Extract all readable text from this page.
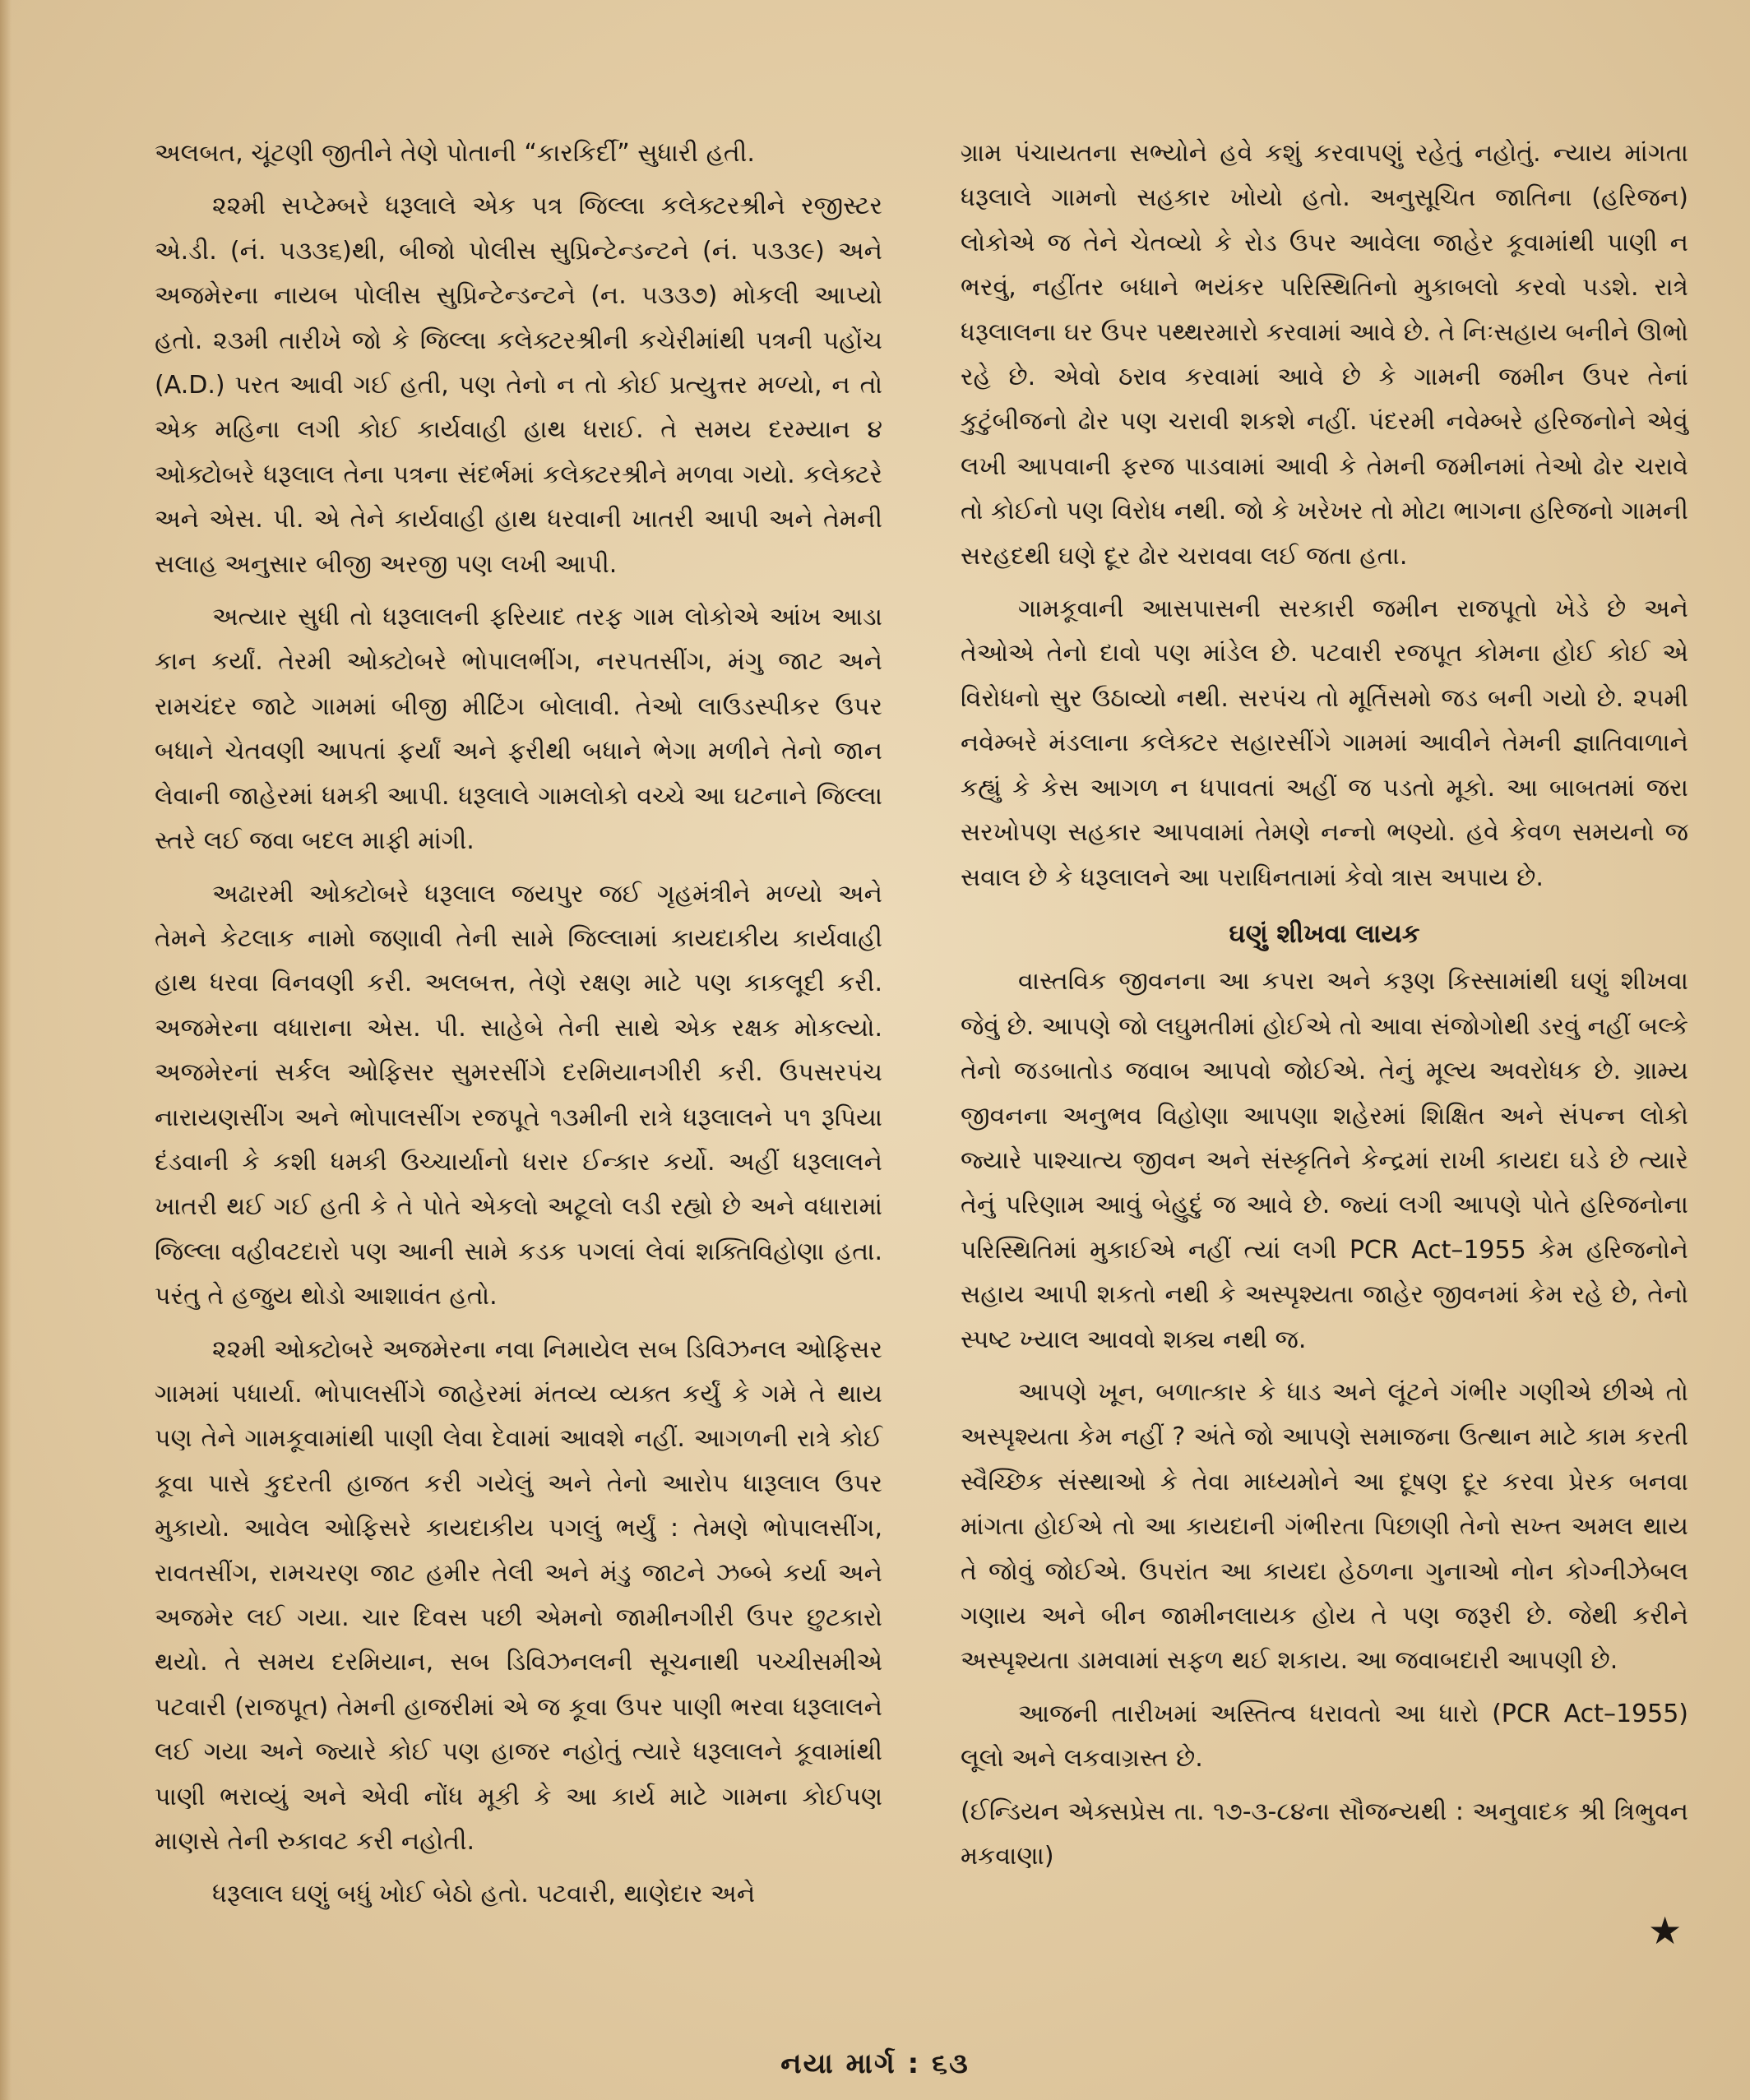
અલબત, ચૂંટણી જીતીને તેણે પોતાની “કારકિર્દી” સુધારી હતી.

૨૨મી સપ્ટેમ્બરે ધરૂલાલે એક પત્ર જિલ્લા કલેક્ટરશ્રીને રજીસ્ટર એ.ડી. (નં. ૫૩૩૬)થી, બીજો પોલીસ સુપ્રિન્ટેન્ડન્ટને (નં. ૫૩૩૯) અને અજમેરના નાયબ પોલીસ સુપ્રિન્ટેન્ડન્ટને (ન. ૫૩૩૭) મોકલી આપ્યો હતો. ૨૩મી તારીખે જો કે જિલ્લા કલેક્ટરશ્રીની કચેરીમાંથી પત્રની પહોંચ (A.D.) પરત આવી ગઈ હતી, પણ તેનો ન તો કોઈ પ્રત્યુત્તર મળ્યો, ન તો એક મહિના લગી કોઈ કાર્યવાહી હાથ ધરાઈ. તે સમય દરમ્યાન ૪ ઓક્ટોબરે ધરૂલાલ તેના પત્રના સંદર્ભમાં કલેક્ટરશ્રીને મળવા ગયો. કલેક્ટરે અને એસ. પી. એ તેને કાર્યવાહી હાથ ધરવાની ખાતરી આપી અને તેમની સલાહ અનુસાર બીજી અરજી પણ લખી આપી.

અત્યાર સુધી તો ધરૂલાલની ફરિયાદ તરફ ગામ લોકોએ આંખ આડા કાન કર્યાં. તેરમી ઓક્ટોબરે ભોપાલભીંગ, નરપતસીંગ, મંગુ જાટ અને રામચંદર જાટે ગામમાં બીજી મીટિંગ બોલાવી. તેઓ લાઉડસ્પીકર ઉપર બધાને ચેતવણી આપતાં ફર્યાં અને ફરીથી બધાને ભેગા મળીને તેનો જાન લેવાની જાહેરમાં ધમકી આપી. ધરૂલાલે ગામલોકો વચ્ચે આ ઘટનાને જિલ્લા સ્તરે લઈ જવા બદલ માફી માંગી.

અઢારમી ઓક્ટોબરે ધરૂલાલ જયપુર જઈ ગૃહમંત્રીને મળ્યો અને તેમને કેટલાક નામો જણાવી તેની સામે જિલ્લામાં કાયદાકીય કાર્યવાહી હાથ ધરવા વિનવણી કરી. અલબત્ત, તેણે રક્ષણ માટે પણ કાકલૂદી કરી. અજમેરના વધારાના એસ. પી. સાહેબે તેની સાથે એક રક્ષક મોકલ્યો. અજમેરનાં સર્કલ ઓફિસર સુમરસીંગે દરમિયાનગીરી કરી. ઉપસરપંચ નારાયણસીંગ અને ભોપાલસીંગ રજપૂતે ૧૩મીની રાત્રે ધરૂલાલને ૫૧ રૂપિયા દંડવાની કે કશી ધમકી ઉચ્ચાર્યાનો ધરાર ઈન્કાર કર્યો. અહીં ધરૂલાલને ખાતરી થઈ ગઈ હતી કે તે પોતે એકલો અટૂલો લડી રહ્યો છે અને વધારામાં જિલ્લા વહીવટદારો પણ આની સામે કડક પગલાં લેવાં શક્તિવિહોણા હતા. પરંતુ તે હજુય થોડો આશાવંત હતો.

૨૨મી ઓક્ટોબરે અજમેરના નવા નિમાયેલ સબ ડિવિઝનલ ઓફિસર ગામમાં પધાર્યા. ભોપાલસીંગે જાહેરમાં મંતવ્ય વ્યક્ત કર્યું કે ગમે તે થાય પણ તેને ગામકૂવામાંથી પાણી લેવા દેવામાં આવશે નહીં. આગળની રાત્રે કોઈ કૂવા પાસે કુદરતી હાજત કરી ગયેલું અને તેનો આરોપ ધારૂલાલ ઉપર મુકાયો. આવેલ ઓફિસરે કાયદાકીય પગલું ભર્યું : તેમણે ભોપાલસીંગ, રાવતસીંગ, રામચરણ જાટ હમીર તેલી અને મંડુ જાટને ઝબ્બે કર્યા અને અજમેર લઈ ગયા. ચાર દિવસ પછી એમનો જામીનગીરી ઉપર છુટકારો થયો. તે સમય દરમિયાન, સબ ડિવિઝનલની સૂચનાથી પચ્ચીસમીએ પટવારી (રાજપૂત) તેમની હાજરીમાં એ જ કૂવા ઉપર પાણી ભરવા ધરૂલાલને લઈ ગયા અને જ્યારે કોઈ પણ હાજર નહોતું ત્યારે ધરૂલાલને કૂવામાંથી પાણી ભરાવ્યું અને એવી નોંધ મૂકી કે આ કાર્ય માટે ગામના કોઈપણ માણસે તેની રુકાવટ કરી નહોતી.

ધરૂલાલ ઘણું બધું ખોઈ બેઠો હતો. પટવારી, થાણેદાર અને

ગ્રામ પંચાયતના સભ્યોને હવે કશું કરવાપણું રહેતું નહોતું. ન્યાય માંગતા ધરૂલાલે ગામનો સહકાર ખોયો હતો. અનુસૂચિત જાતિના (હરિજન) લોકોએ જ તેને ચેતવ્યો કે રોડ ઉપર આવેલા જાહેર કૂવામાંથી પાણી ન ભરવું, નહીંતર બધાને ભયંકર પરિસ્થિતિનો મુકાબલો કરવો પડશે. રાત્રે ધરૂલાલના ઘર ઉપર પથ્થરમારો કરવામાં આવે છે. તે નિઃસહાય બનીને ઊભો રહે છે. એવો ઠરાવ કરવામાં આવે છે કે ગામની જમીન ઉપર તેનાં કુટુંબીજનો ઢોર પણ ચરાવી શકશે નહીં. પંદરમી નવેમ્બરે હરિજનોને એવું લખી આપવાની ફરજ પાડવામાં આવી કે તેમની જમીનમાં તેઓ ઢોર ચરાવે તો કોઈનો પણ વિરોધ નથી. જો કે ખરેખર તો મોટા ભાગના હરિજનો ગામની સરહદથી ઘણે દૂર ઢોર ચરાવવા લઈ જતા હતા.

ગામકૂવાની આસપાસની સરકારી જમીન રાજપૂતો ખેડે છે અને તેઓએ તેનો દાવો પણ માંડેલ છે. પટવારી રજપૂત કોમના હોઈ કોઈ એ વિરોધનો સુર ઉઠાવ્યો નથી. સરપંચ તો મૂર્તિસમો જડ બની ગયો છે. ૨૫મી નવેમ્બરે મંડલાના કલેક્ટર સહારસીંગે ગામમાં આવીને તેમની જ્ઞાતિવાળાને કહ્યું કે કેસ આગળ ન ધપાવતાં અહીં જ પડતો મૂકો. આ બાબતમાં જરા સરખોપણ સહકાર આપવામાં તેમણે નન્નો ભણ્યો. હવે કેવળ સમયનો જ સવાલ છે કે ધરૂલાલને આ પરાધિનતામાં કેવો ત્રાસ અપાય છે.

ઘણું શીખવા લાયક

વાસ્તવિક જીવનના આ કપરા અને કરૂણ કિસ્સામાંથી ઘણું શીખવા જેવું છે. આપણે જો લઘુમતીમાં હોઈએ તો આવા સંજોગોથી ડરવું નહીં બલ્કે તેનો જડબાતોડ જવાબ આપવો જોઈએ. તેનું મૂલ્ય અવરોધક છે. ગ્રામ્ય જીવનના અનુભવ વિહોણા આપણા શહેરમાં શિક્ષિત અને સંપન્ન લોકો જ્યારે પાશ્ચાત્ય જીવન અને સંસ્કૃતિને કેન્દ્રમાં રાખી કાયદા ઘડે છે ત્યારે તેનું પરિણામ આવું બેહુદું જ આવે છે. જ્યાં લગી આપણે પોતે હરિજનોના પરિસ્થિતિમાં મુકાઈએ નહીં ત્યાં લગી PCR Act–1955 કેમ હરિજનોને સહાય આપી શકતો નથી કે અસ્પૃશ્યતા જાહેર જીવનમાં કેમ રહે છે, તેનો સ્પષ્ટ ખ્યાલ આવવો શક્ય નથી જ.

આપણે ખૂન, બળાત્કાર કે ધાડ અને લૂંટને ગંભીર ગણીએ છીએ તો અસ્પૃશ્યતા કેમ નહીં ? અંતે જો આપણે સમાજના ઉત્થાન માટે કામ કરતી સ્વૈચ્છિક સંસ્થાઓ કે તેવા માધ્યમોને આ દૂષણ દૂર કરવા પ્રેરક બનવા માંગતા હોઈએ તો આ કાયદાની ગંભીરતા પિછાણી તેનો સખ્ત અમલ થાય તે જોવું જોઈએ. ઉપરાંત આ કાયદા હેઠળના ગુનાઓ નોન કોગ્નીઝેબલ ગણાય અને બીન જામીનલાયક હોય તે પણ જરૂરી છે. જેથી કરીને અસ્પૃશ્યતા ડામવામાં સફળ થઈ શકાય. આ જવાબદારી આપણી છે.

આજની તારીખમાં અસ્તિત્વ ધરાવતો આ ધારો (PCR Act–1955) લૂલો અને લકવાગ્રસ્ત છે.

(ઈન્ડિયન એક્સપ્રેસ તા. ૧૭-૩-૮૪ના સૌજન્યથી : અનુવાદક શ્રી ત્રિભુવન મકવાણા)

★
નયા માર્ગ : ૬૩
